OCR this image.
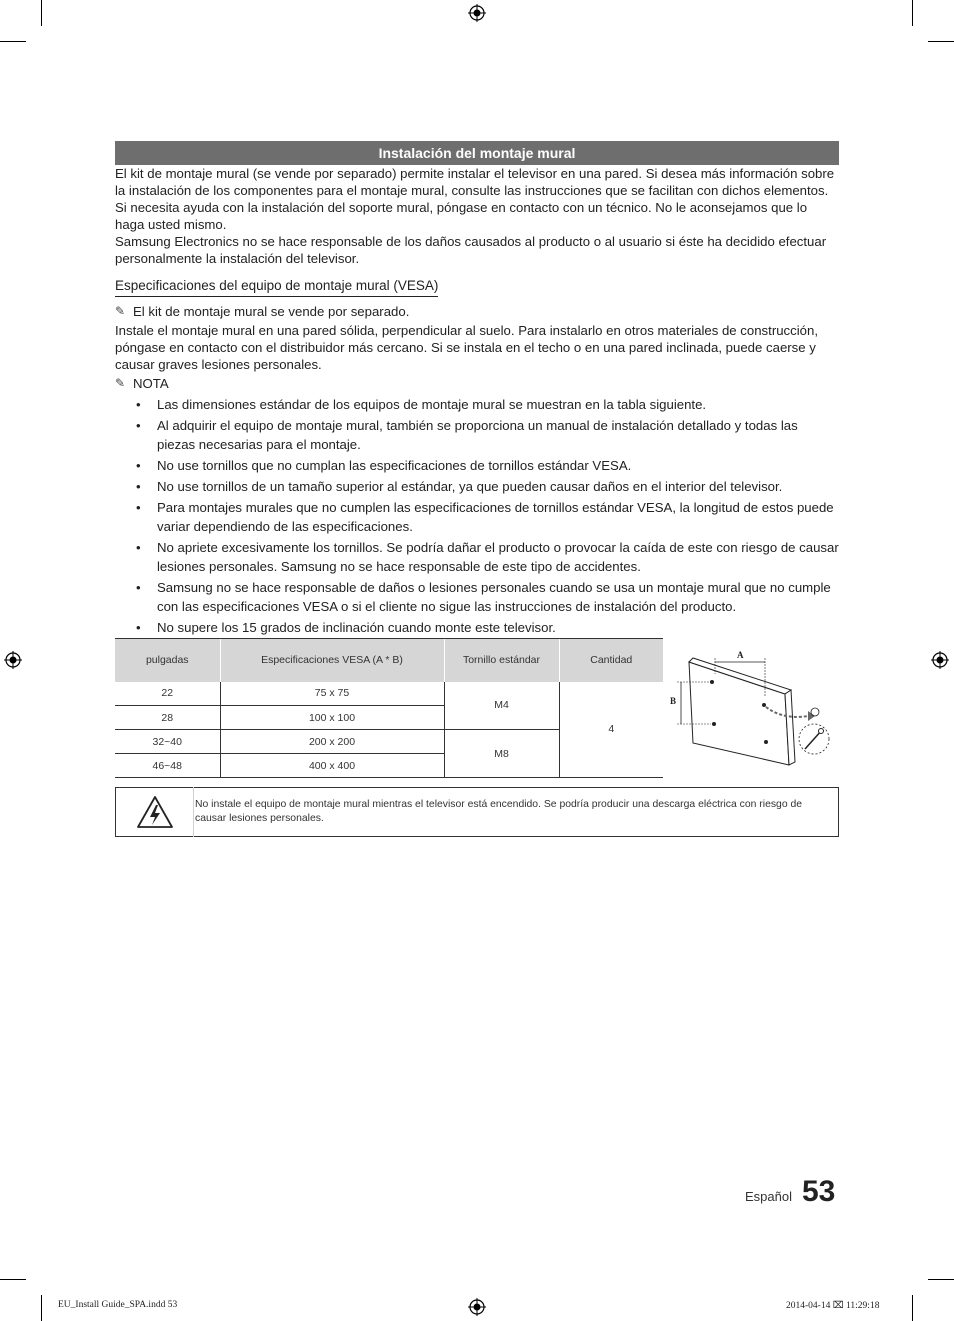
Instalación del montaje mural

El kit de montaje mural (se vende por separado) permite instalar el televisor en una pared. Si desea más información sobre la instalación de los componentes para el montaje mural, consulte las instrucciones que se facilitan con dichos elementos. Si necesita ayuda con la instalación del soporte mural, póngase en contacto con un técnico. No le aconsejamos que lo haga usted mismo.

Samsung Electronics no se hace responsable de los daños causados al producto o al usuario si éste ha decidido efectuar personalmente la instalación del televisor.

Especificaciones del equipo de montaje mural (VESA)
✎ El kit de montaje mural se vende por separado.

Instale el montaje mural en una pared sólida, perpendicular al suelo. Para instalarlo en otros materiales de construcción, póngase en contacto con el distribuidor más cercano. Si se instala en el techo o en una pared inclinada, puede caerse y causar graves lesiones personales.

✎ NOTA
• Las dimensiones estándar de los equipos de montaje mural se muestran en la tabla siguiente.
• Al adquirir el equipo de montaje mural, también se proporciona un manual de instalación detallado y todas las piezas necesarias para el montaje.
• No use tornillos que no cumplan las especificaciones de tornillos estándar VESA.
• No use tornillos de un tamaño superior al estándar, ya que pueden causar daños en el interior del televisor.
• Para montajes murales que no cumplen las especificaciones de tornillos estándar VESA, la longitud de estos puede variar dependiendo de las especificaciones.
• No apriete excesivamente los tornillos. Se podría dañar el producto o provocar la caída de este con riesgo de causar lesiones personales. Samsung no se hace responsable de este tipo de accidentes.
• Samsung no se hace responsable de daños o lesiones personales cuando se usa un montaje mural que no cumple con las especificaciones VESA o si el cliente no sigue las instrucciones de instalación del producto.
• No supere los 15 grados de inclinación cuando monte este televisor.
pulgadas	Especificaciones VESA (A * B)	Tornillo estándar	Cantidad
22	75 x 75	M4	4
28	100 x 100		
32~40	200 x 200	M8	
46~48	400 x 400		
A
B
No instale el equipo de montaje mural mientras el televisor está encendido. Se podría producir una descarga eléctrica con riesgo de causar lesiones personales.
Español 53
EU_Install Guide_SPA.indd 53	2014-04-14 ⌧ 11:29:18
